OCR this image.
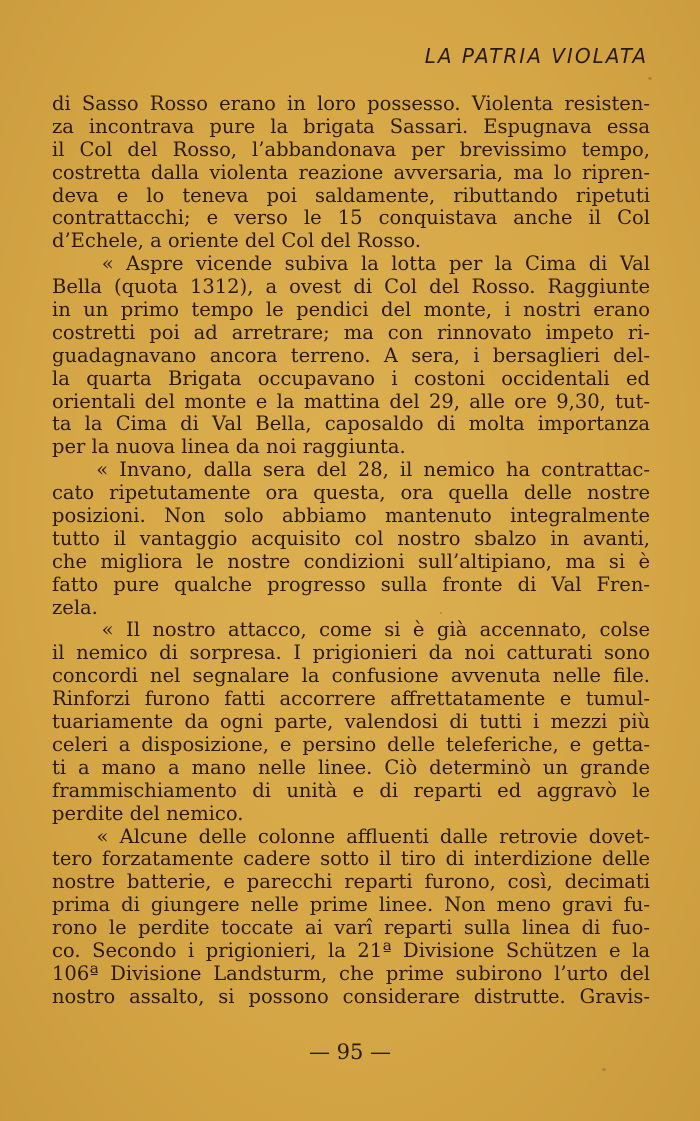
LA PATRIA VIOLATA
di Sasso Rosso erano in loro possesso. Violenta resisten-
za incontrava pure la brigata Sassari. Espugnava essa
il Col del Rosso, l’abbandonava per brevissimo tempo,
costretta dalla violenta reazione avversaria, ma lo ripren-
deva e lo teneva poi saldamente, ributtando ripetuti
contrattacchi; e verso le 15 conquistava anche il Col
d’Echele, a oriente del Col del Rosso.
« Aspre vicende subiva la lotta per la Cima di Val
Bella (quota 1312), a ovest di Col del Rosso. Raggiunte
in un primo tempo le pendici del monte, i nostri erano
costretti poi ad arretrare; ma con rinnovato impeto ri-
guadagnavano ancora terreno. A sera, i bersaglieri del-
la quarta Brigata occupavano i costoni occidentali ed
orientali del monte e la mattina del 29, alle ore 9,30, tut-
ta la Cima di Val Bella, caposaldo di molta importanza
per la nuova linea da noi raggiunta.
« Invano, dalla sera del 28, il nemico ha contrattac-
cato ripetutamente ora questa, ora quella delle nostre
posizioni. Non solo abbiamo mantenuto integralmente
tutto il vantaggio acquisito col nostro sbalzo in avanti,
che migliora le nostre condizioni sull’altipiano, ma si è
fatto pure qualche progresso sulla fronte di Val Fren-
zela.
« Il nostro attacco, come si è già accennato, colse
il nemico di sorpresa. I prigionieri da noi catturati sono
concordi nel segnalare la confusione avvenuta nelle file.
Rinforzi furono fatti accorrere affrettatamente e tumul-
tuariamente da ogni parte, valendosi di tutti i mezzi più
celeri a disposizione, e persino delle teleferiche, e getta-
ti a mano a mano nelle linee. Ciò determinò un grande
frammischiamento di unità e di reparti ed aggravò le
perdite del nemico.
« Alcune delle colonne affluenti dalle retrovie dovet-
tero forzatamente cadere sotto il tiro di interdizione delle
nostre batterie, e parecchi reparti furono, così, decimati
prima di giungere nelle prime linee. Non meno gravi fu-
rono le perdite toccate ai varî reparti sulla linea di fuo-
co. Secondo i prigionieri, la 21ª Divisione Schützen e la
106ª Divisione Landsturm, che prime subirono l’urto del
nostro assalto, si possono considerare distrutte. Gravis-
— 95 —
